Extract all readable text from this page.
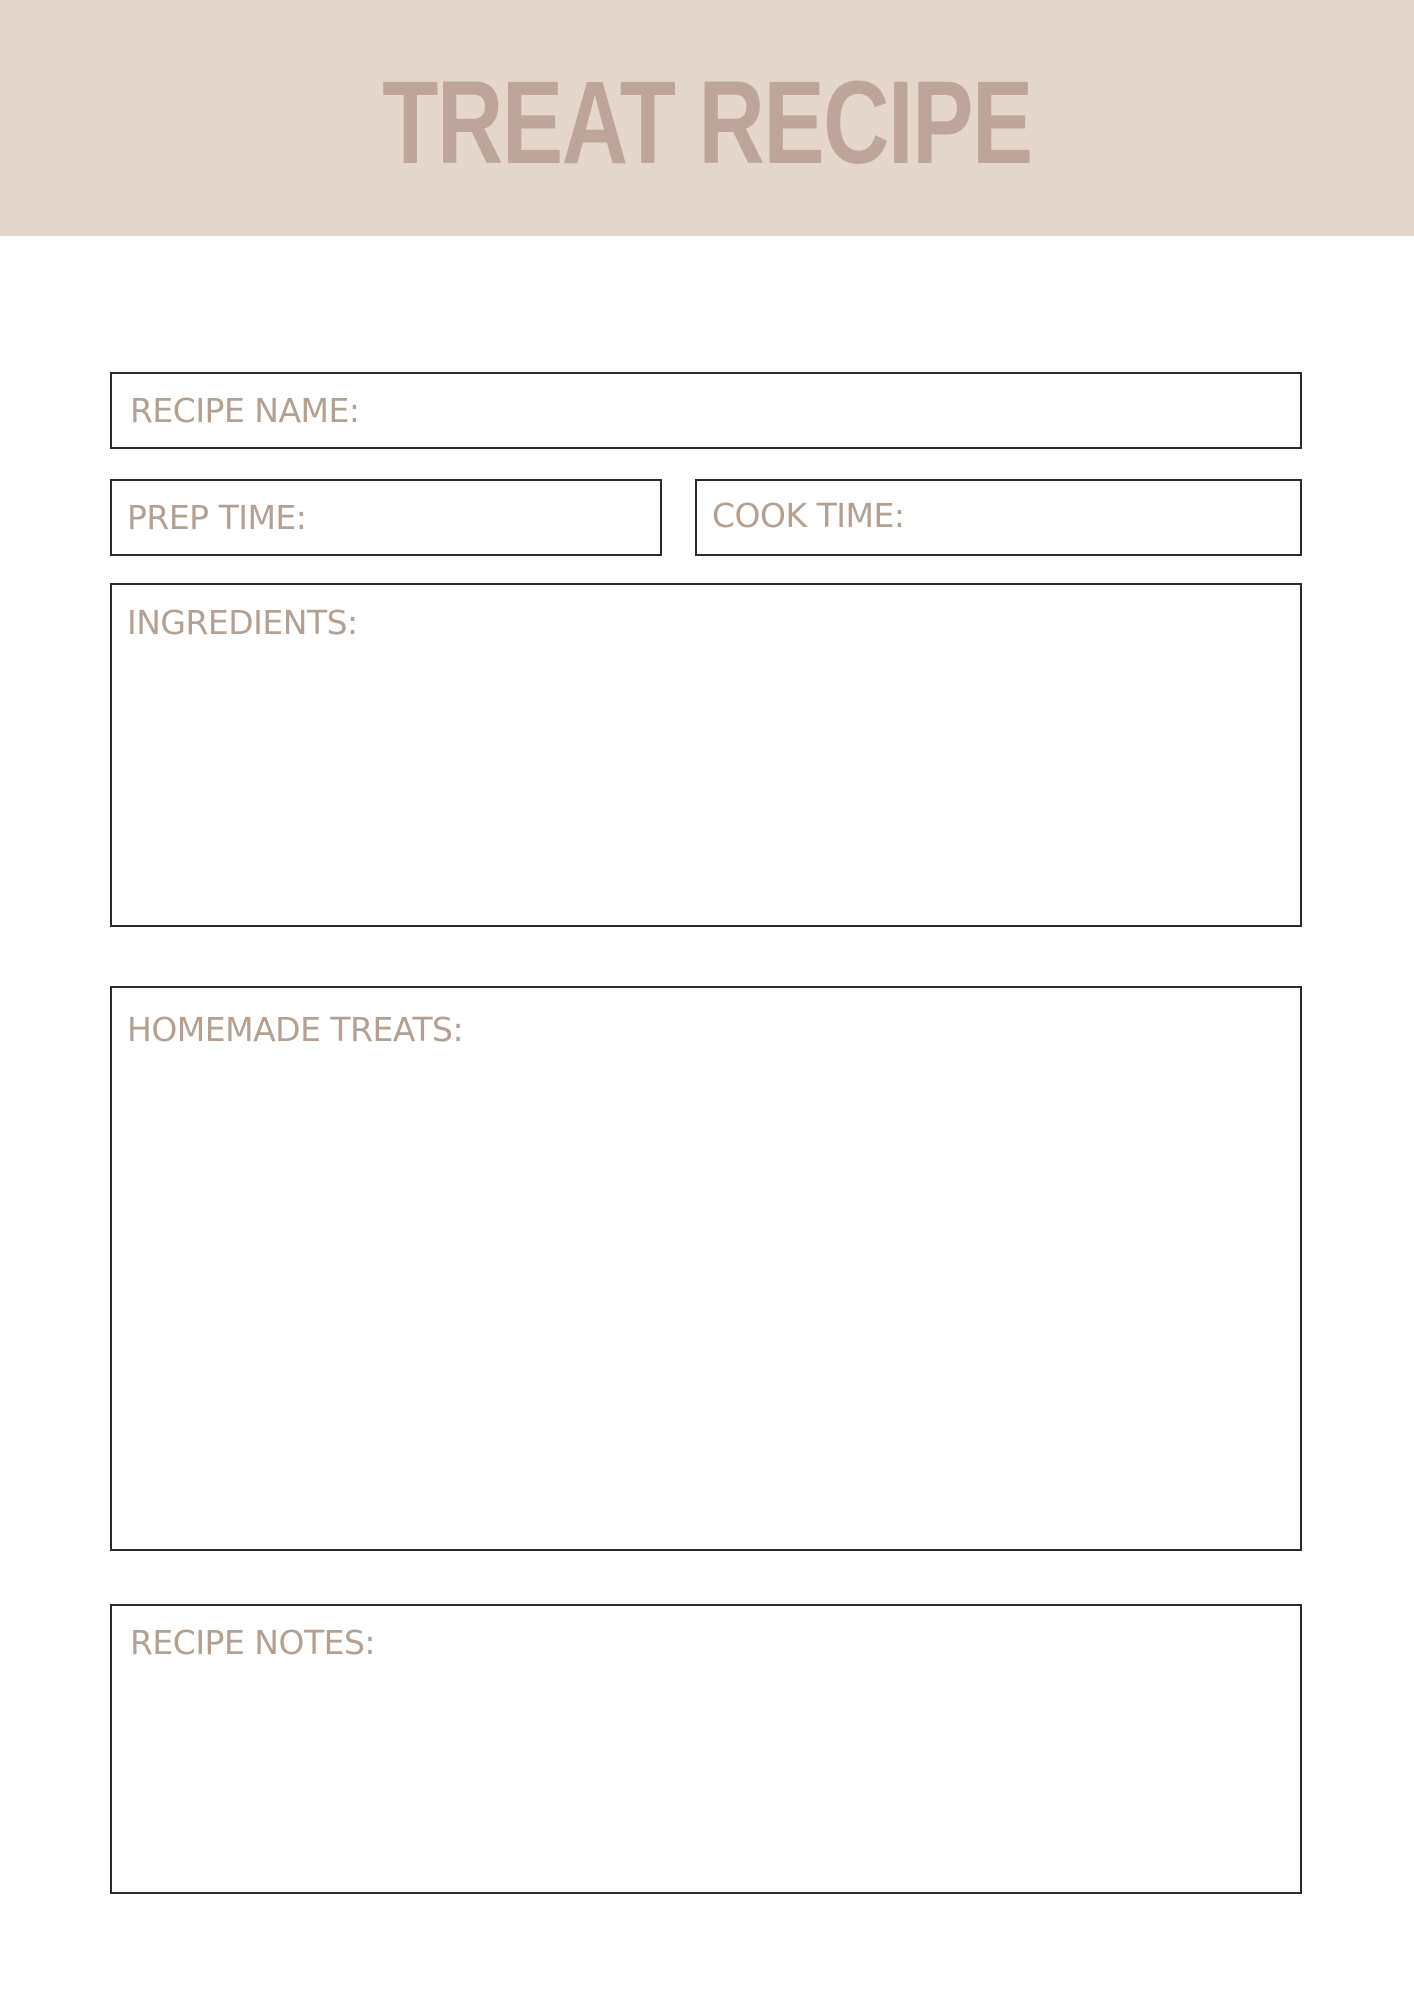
TREAT RECIPE
RECIPE NAME:
PREP TIME:	COOK TIME:
INGREDIENTS:
HOMEMADE TREATS:
RECIPE NOTES:
